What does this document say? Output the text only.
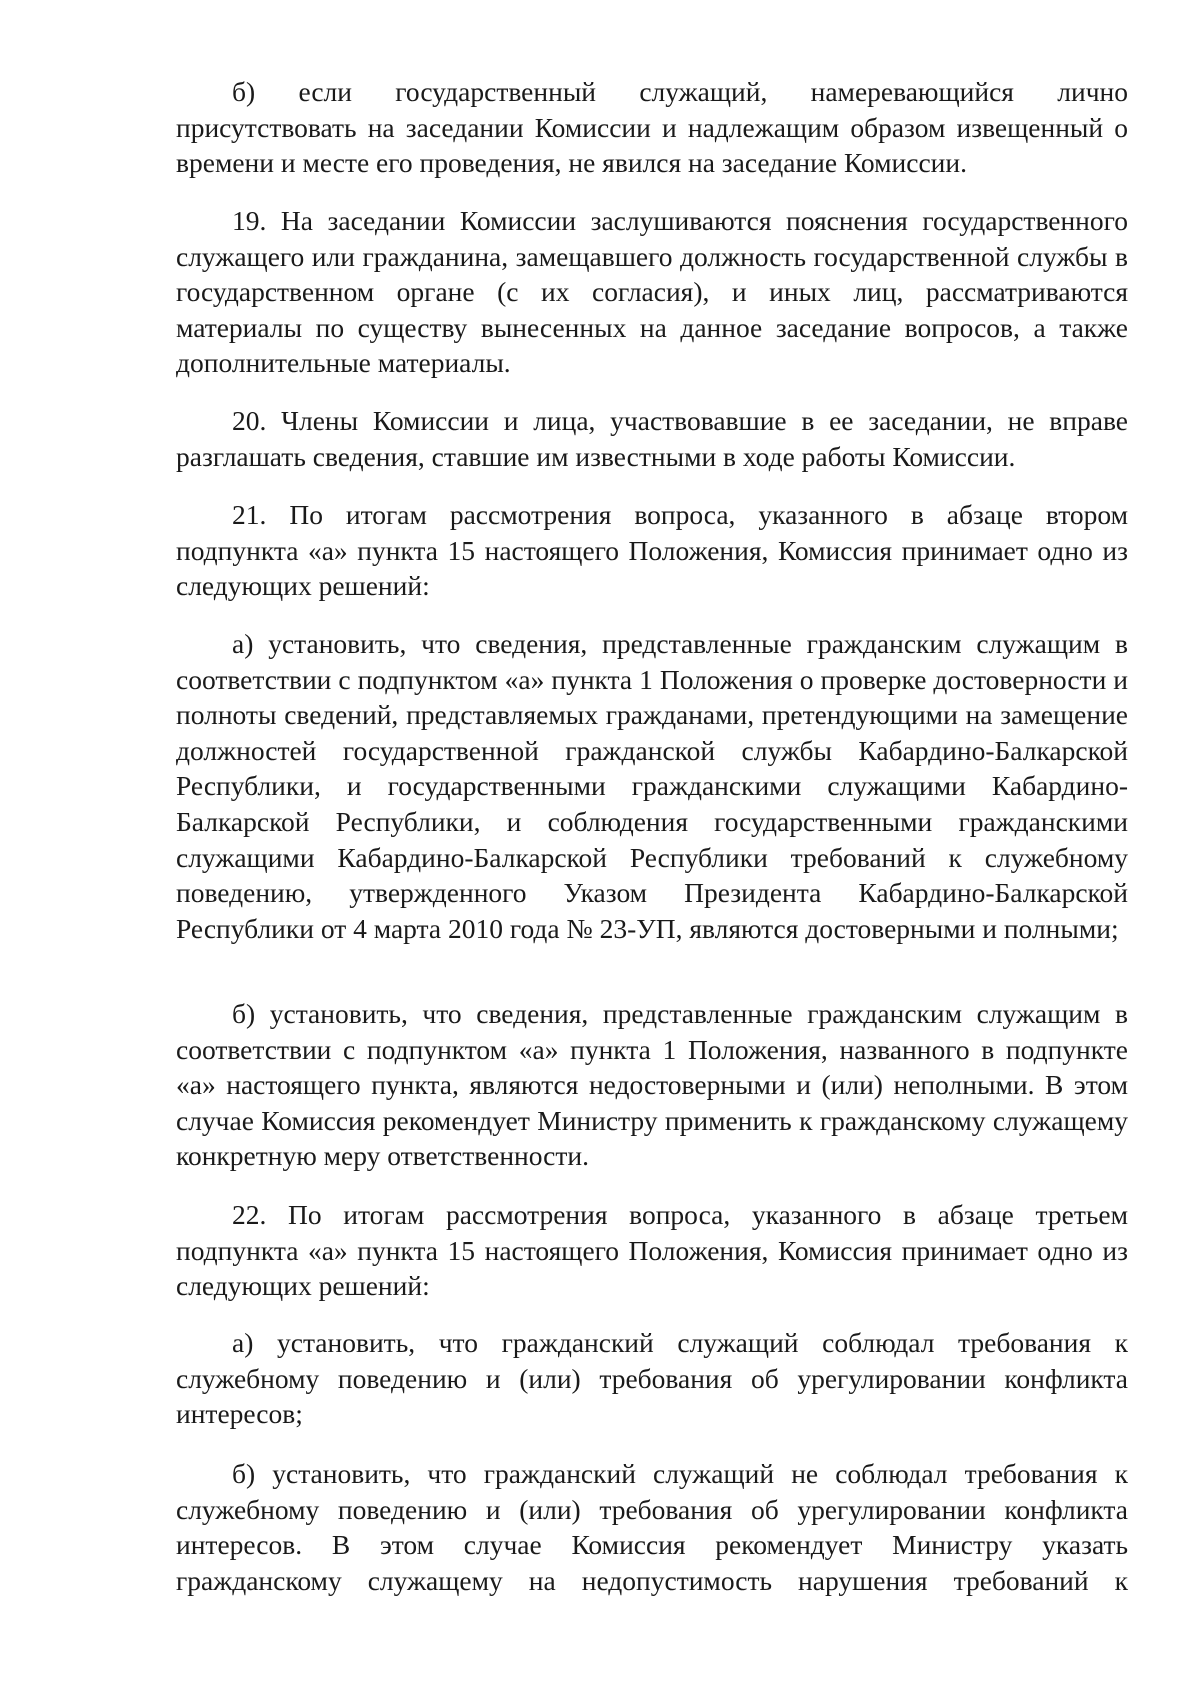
б) если государственный служащий, намеревающийся лично присутствовать на заседании Комиссии и надлежащим образом извещенный о времени и месте его проведения, не явился на заседание Комиссии.

19. На заседании Комиссии заслушиваются пояснения государственного служащего или гражданина, замещавшего должность государственной службы в государственном органе (с их согласия), и иных лиц, рассматриваются материалы по существу вынесенных на данное заседание вопросов, а также дополнительные материалы.

20. Члены Комиссии и лица, участвовавшие в ее заседании, не вправе разглашать сведения, ставшие им известными в ходе работы Комиссии.

21. По итогам рассмотрения вопроса, указанного в абзаце втором подпункта «а» пункта 15 настоящего Положения, Комиссия принимает одно из следующих решений:

а) установить, что сведения, представленные гражданским служащим в соответствии с подпунктом «а» пункта 1 Положения о проверке достоверности и полноты сведений, представляемых гражданами, претендующими на замещение должностей государственной гражданской службы Кабардино-Балкарской Республики, и государственными гражданскими служащими Кабардино-Балкарской Республики, и соблюдения государственными гражданскими служащими Кабардино-Балкарской Республики требований к служебному поведению, утвержденного Указом Президента Кабардино-Балкарской Республики от 4 марта 2010 года № 23-УП, являются достоверными и полными;

б) установить, что сведения, представленные гражданским служащим в соответствии с подпунктом «а» пункта 1 Положения, названного в подпункте «а» настоящего пункта, являются недостоверными и (или) неполными. В этом случае Комиссия рекомендует Министру применить к гражданскому служащему конкретную меру ответственности.

22. По итогам рассмотрения вопроса, указанного в абзаце третьем подпункта «а» пункта 15 настоящего Положения, Комиссия принимает одно из следующих решений:

а) установить, что гражданский служащий соблюдал требования к служебному поведению и (или) требования об урегулировании конфликта интересов;

б) установить, что гражданский служащий не соблюдал требования к служебному поведению и (или) требования об урегулировании конфликта интересов. В этом случае Комиссия рекомендует Министру указать гражданскому служащему на недопустимость нарушения требований к
